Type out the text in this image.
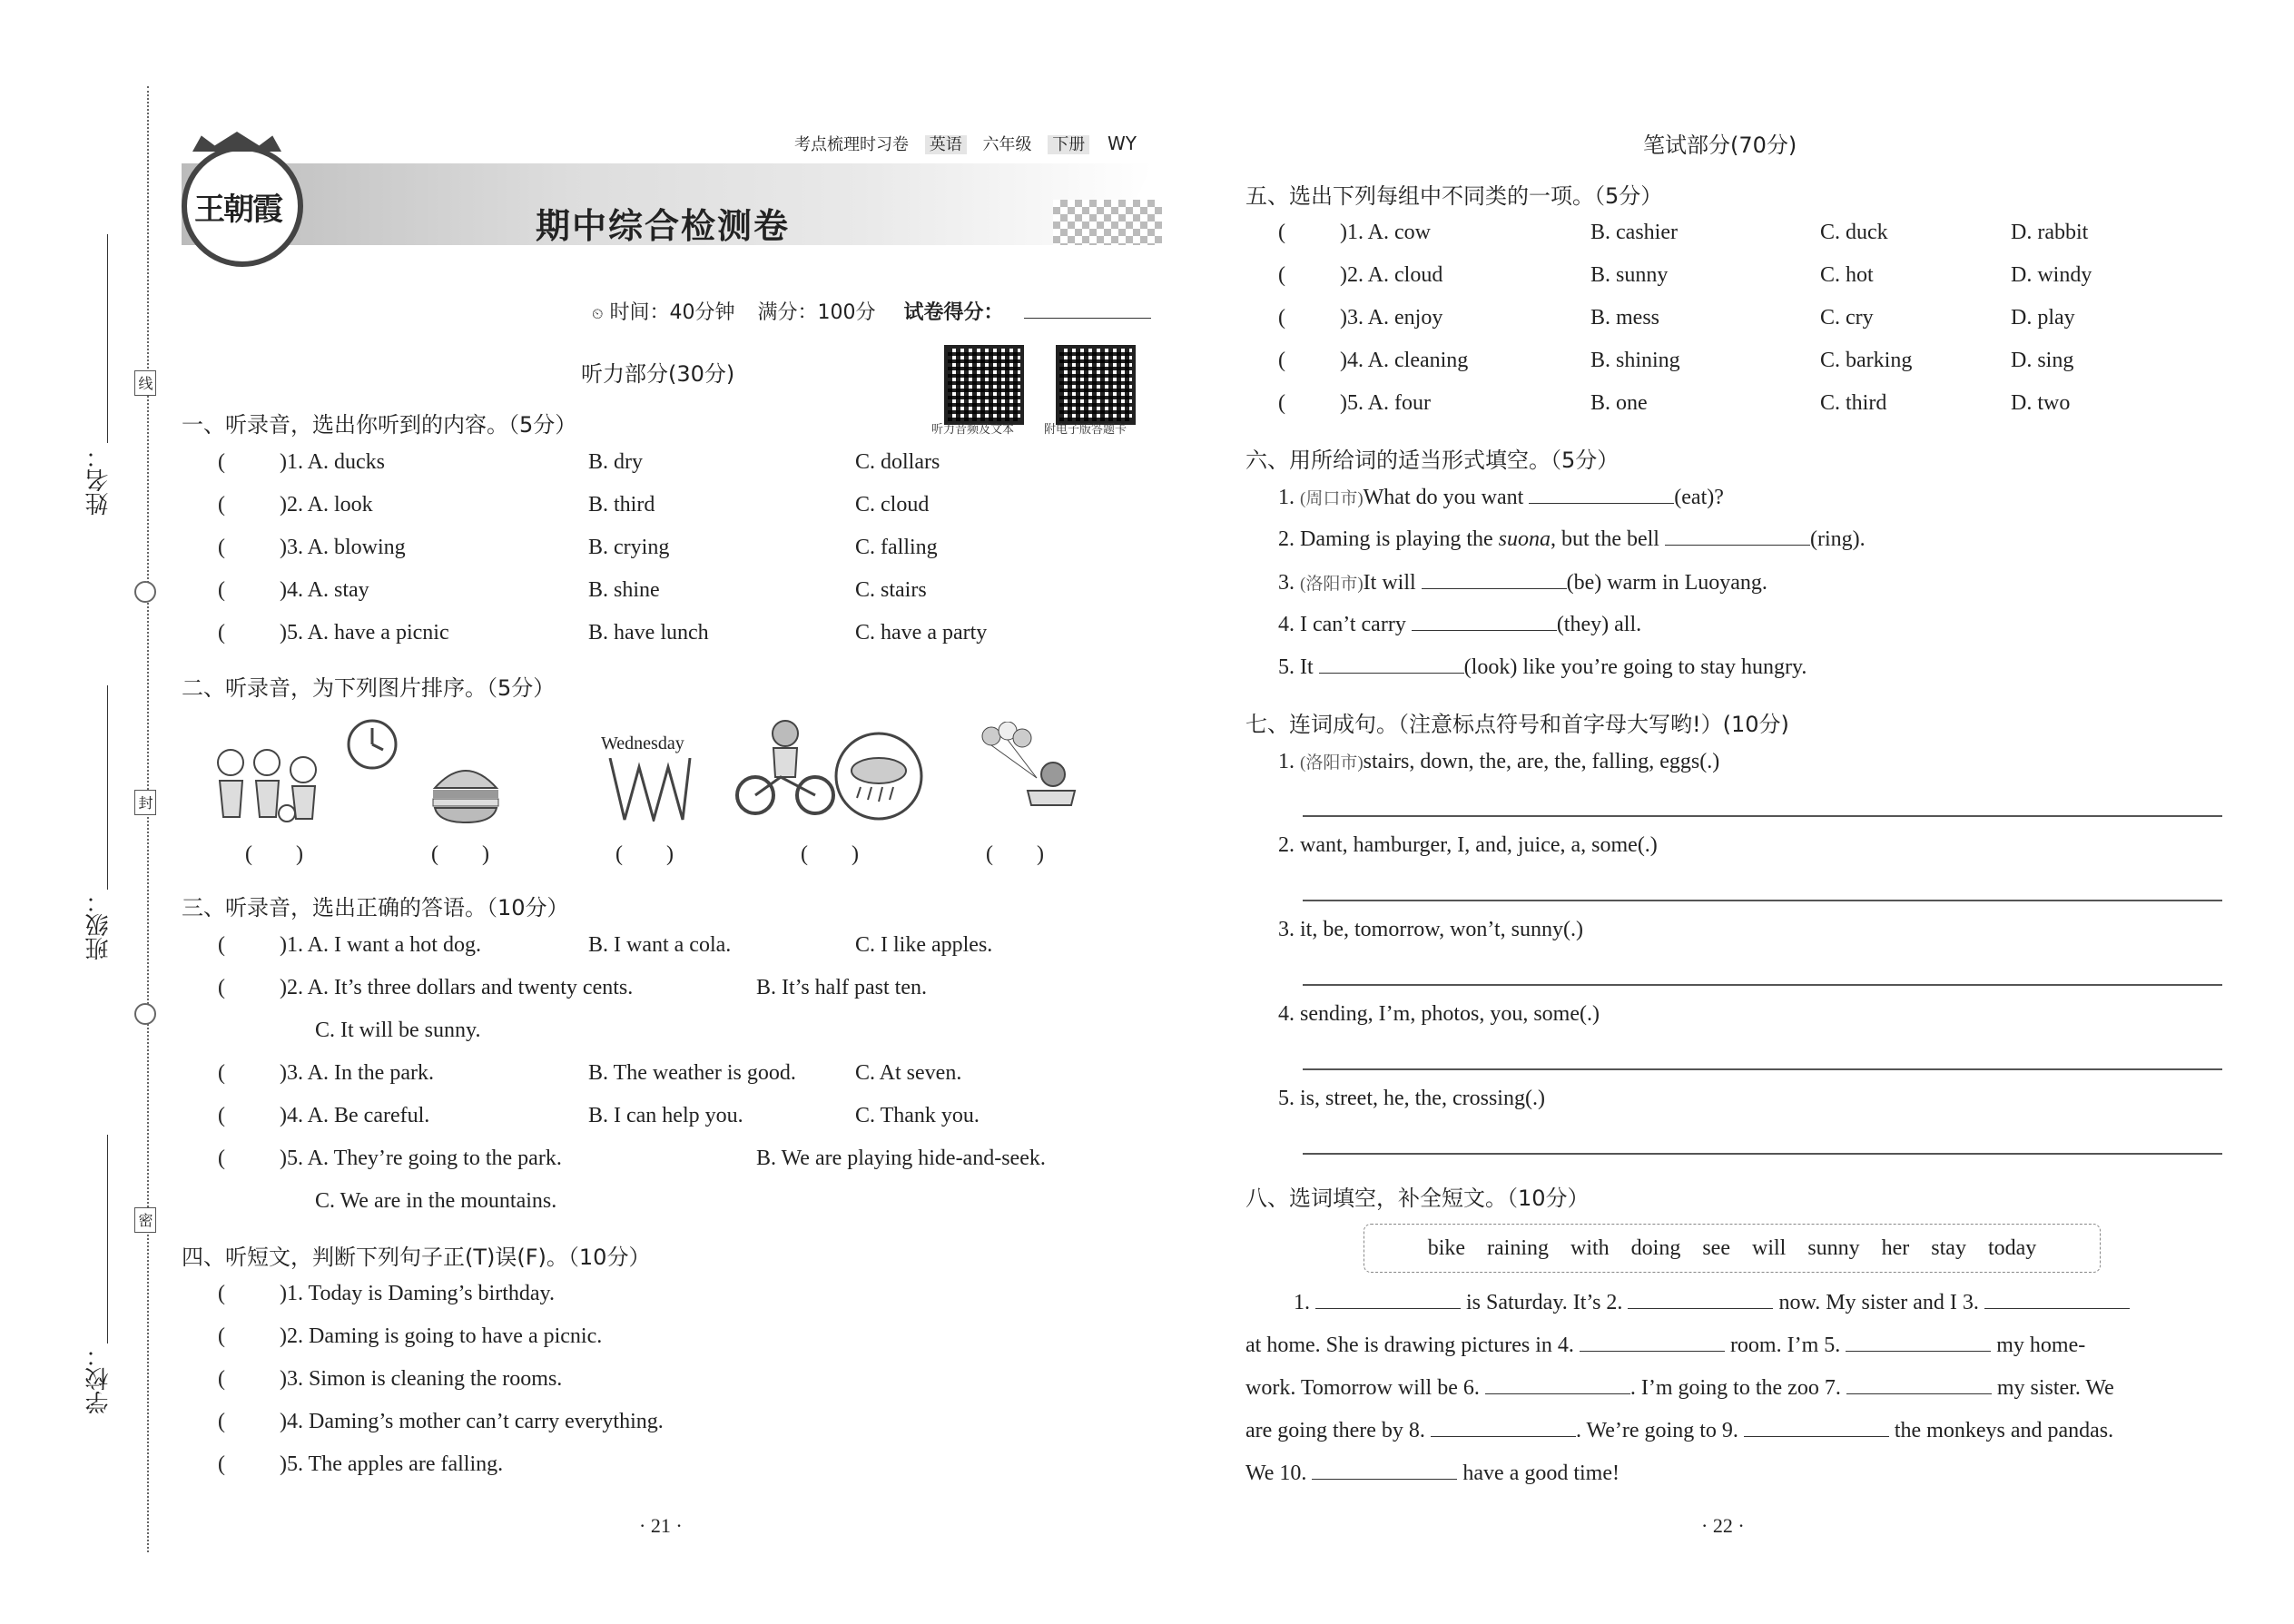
姓名：
班级：
学校：
线
封
密
考点梳理时习卷 英语 六年级 下册 WY
王朝霞	期中综合检测卷
⏲ 时间：40分钟 满分：100分 试卷得分：
听力音频及文本	附电子版答题卡
听力部分(30分)
一、听录音，选出你听到的内容。（5分）
(	)1. A. ducks	B. dry	C. dollars
(	)2. A. look	B. third	C. cloud
(	)3. A. blowing	B. crying	C. falling
(	)4. A. stay	B. shine	C. stairs
(	)5. A. have a picnic	B. have lunch	C. have a party
二、听录音，为下列图片排序。（5分）
Wednesday
(　　)	(　　)	(　　)	(　　)	(　　)
三、听录音，选出正确的答语。（10分）
(	)1. A. I want a hot dog.	B. I want a cola.	C. I like apples.
(	)2. A. It’s three dollars and twenty cents.	B. It’s half past ten.
C. It will be sunny.
(	)3. A. In the park.	B. The weather is good.	C. At seven.
(	)4. A. Be careful.	B. I can help you.	C. Thank you.
(	)5. A. They’re going to the park.	B. We are playing hide-and-seek.
C. We are in the mountains.
四、听短文，判断下列句子正(T)误(F)。（10分）
(	)1. Today is Daming’s birthday.
(	)2. Daming is going to have a picnic.
(	)3. Simon is cleaning the rooms.
(	)4. Daming’s mother can’t carry everything.
(	)5. The apples are falling.
· 21 ·
笔试部分(70分)
五、选出下列每组中不同类的一项。（5分）
(	)1. A. cow	B. cashier	C. duck	D. rabbit
(	)2. A. cloud	B. sunny	C. hot	D. windy
(	)3. A. enjoy	B. mess	C. cry	D. play
(	)4. A. cleaning	B. shining	C. barking	D. sing
(	)5. A. four	B. one	C. third	D. two
六、用所给词的适当形式填空。（5分）
1. (周口市)What do you want	(eat)?
2. Daming is playing the suona, but the bell	(ring).
3. (洛阳市)It will	(be) warm in Luoyang.
4. I can’t carry	(they) all.
5. It	(look) like you’re going to stay hungry.
七、连词成句。（注意标点符号和首字母大写哟!）(10分)
1. (洛阳市)stairs, down, the, are, the, falling, eggs(.)
2. want, hamburger, I, and, juice, a, some(.)
3. it, be, tomorrow, won’t, sunny(.)
4. sending, I’m, photos, you, some(.)
5. is, street, he, the, crossing(.)
八、选词填空，补全短文。（10分）
bike　raining　with　doing　see　will　sunny　her　stay　today
1.	is Saturday. It’s 2.	now. My sister and I 3.
at home. She is drawing pictures in 4.	room. I’m 5.	my home-
work. Tomorrow will be 6.	. I’m going to the zoo 7.	my sister. We
are going there by 8.	. We’re going to 9.	the monkeys and pandas.
We 10.	have a good time!
· 22 ·
